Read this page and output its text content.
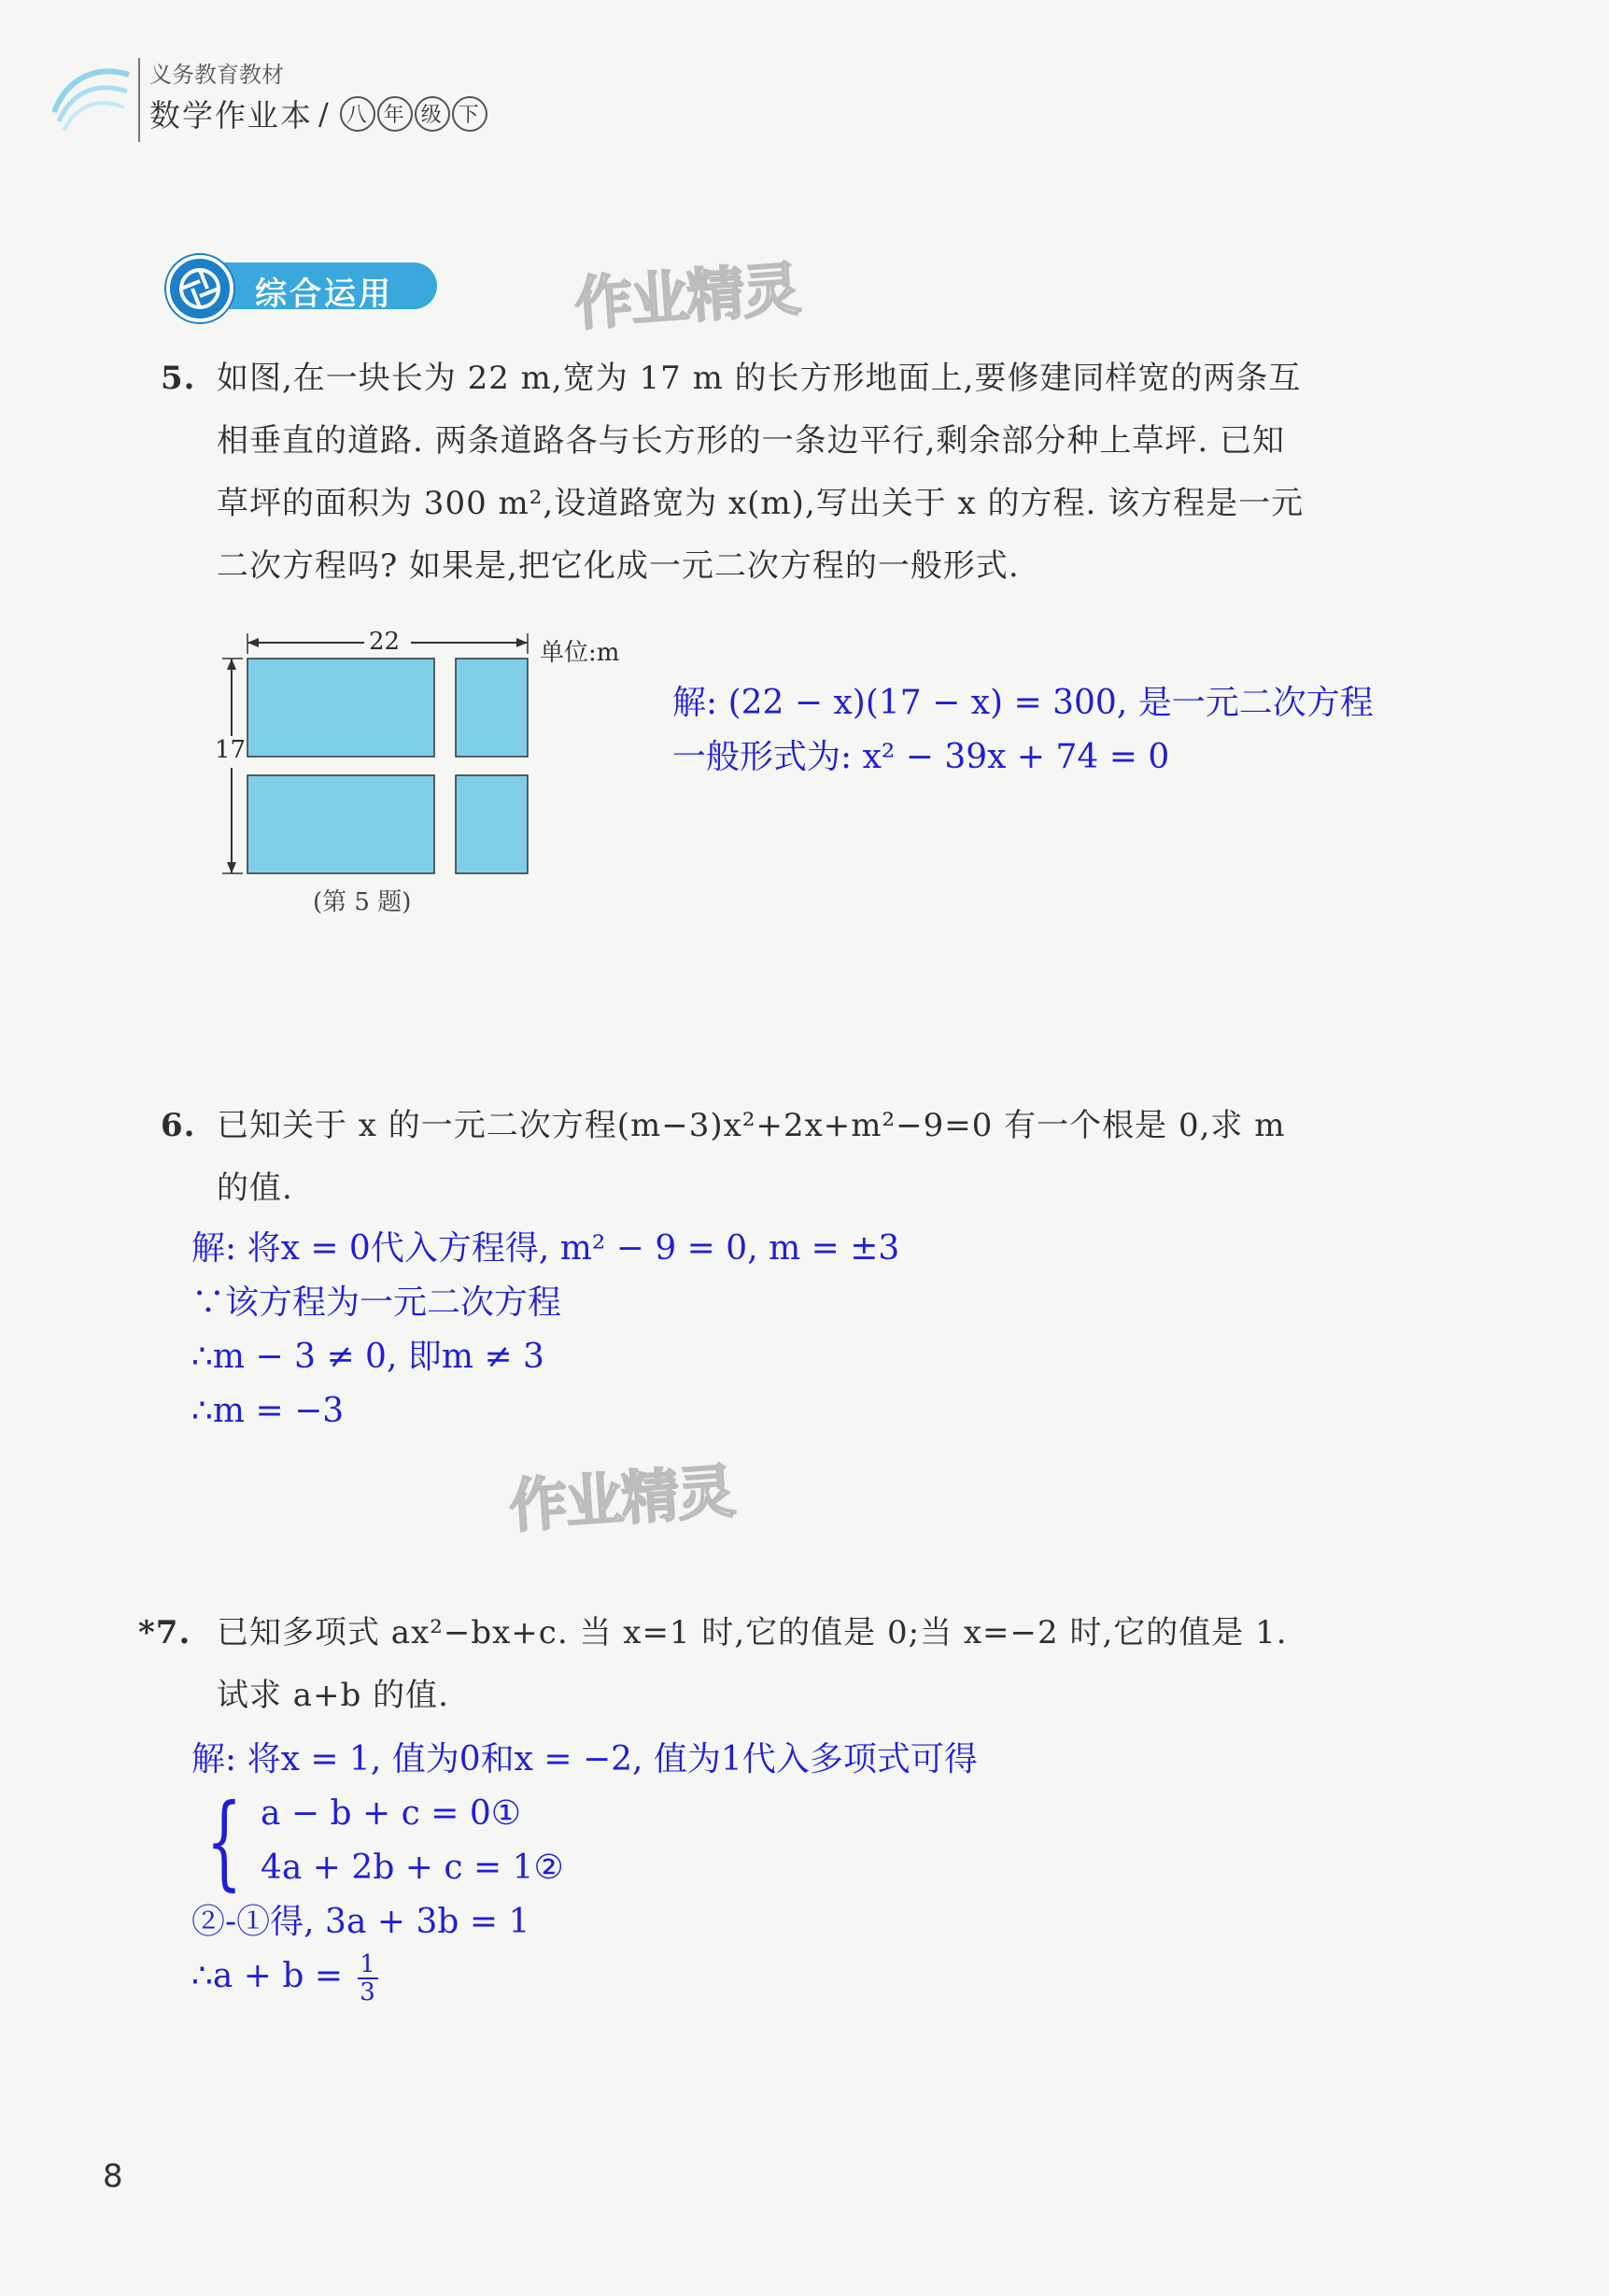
义务教育教材
数学作业本 / 八 年 级 下
综合运用	作业精灵
5. 如图,在一块长为 22 m,宽为 17 m 的长方形地面上,要修建同样宽的两条互
相垂直的道路. 两条道路各与长方形的一条边平行,剩余部分种上草坪. 已知
草坪的面积为 300 m²,设道路宽为 x(m),写出关于 x 的方程. 该方程是一元
二次方程吗? 如果是,把它化成一元二次方程的一般形式.
22
17
单位:m
(第 5 题)
解: (22 − x)(17 − x) = 300, 是一元二次方程
一般形式为: x² − 39x + 74 = 0
6. 已知关于 x 的一元二次方程(m−3)x²+2x+m²−9=0 有一个根是 0,求 m
的值.
解: 将x = 0代入方程得, m² − 9 = 0, m = ±3
∵该方程为一元二次方程
∴m − 3 ≠ 0, 即m ≠ 3
∴m = −3
作业精灵
*7. 已知多项式 ax²−bx+c. 当 x=1 时,它的值是 0;当 x=−2 时,它的值是 1.
试求 a+b 的值.
解: 将x = 1, 值为0和x = −2, 值为1代入多项式可得
{ a − b + c = 0①
4a + 2b + c = 1②
②-①得, 3a + 3b = 1
∴a + $b = \frac{1}{3}$
8
